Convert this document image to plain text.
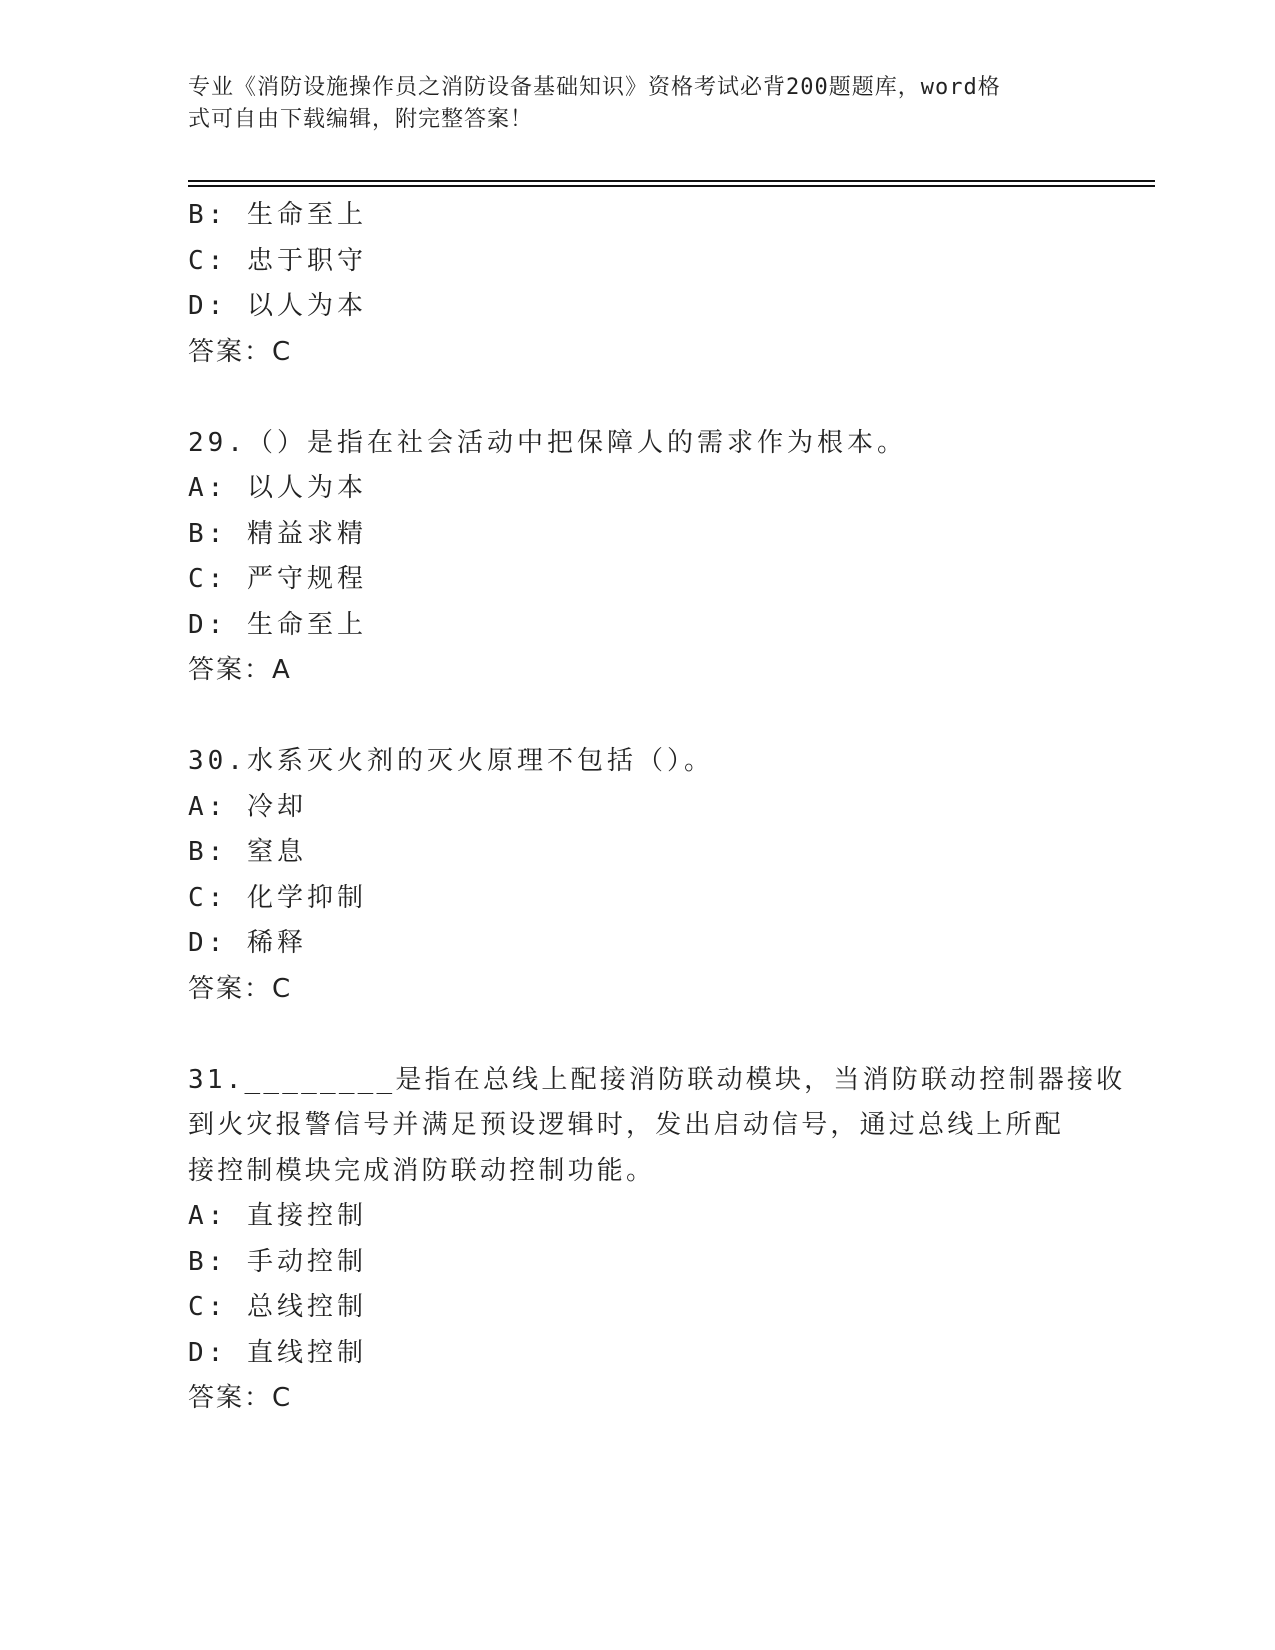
专业《消防设施操作员之消防设备基础知识》资格考试必背200题题库，word格
式可自由下载编辑，附完整答案！
B: 生命至上
C: 忠于职守
D: 以人为本
答案：C
29.（）是指在社会活动中把保障人的需求作为根本。
A: 以人为本
B: 精益求精
C: 严守规程
D: 生命至上
答案：A
30.水系灭火剂的灭火原理不包括（）。
A: 冷却
B: 窒息
C: 化学抑制
D: 稀释
答案：C
31.________是指在总线上配接消防联动模块，当消防联动控制器接收
到火灾报警信号并满足预设逻辑时，发出启动信号，通过总线上所配
接控制模块完成消防联动控制功能。
A: 直接控制
B: 手动控制
C: 总线控制
D: 直线控制
答案：C
